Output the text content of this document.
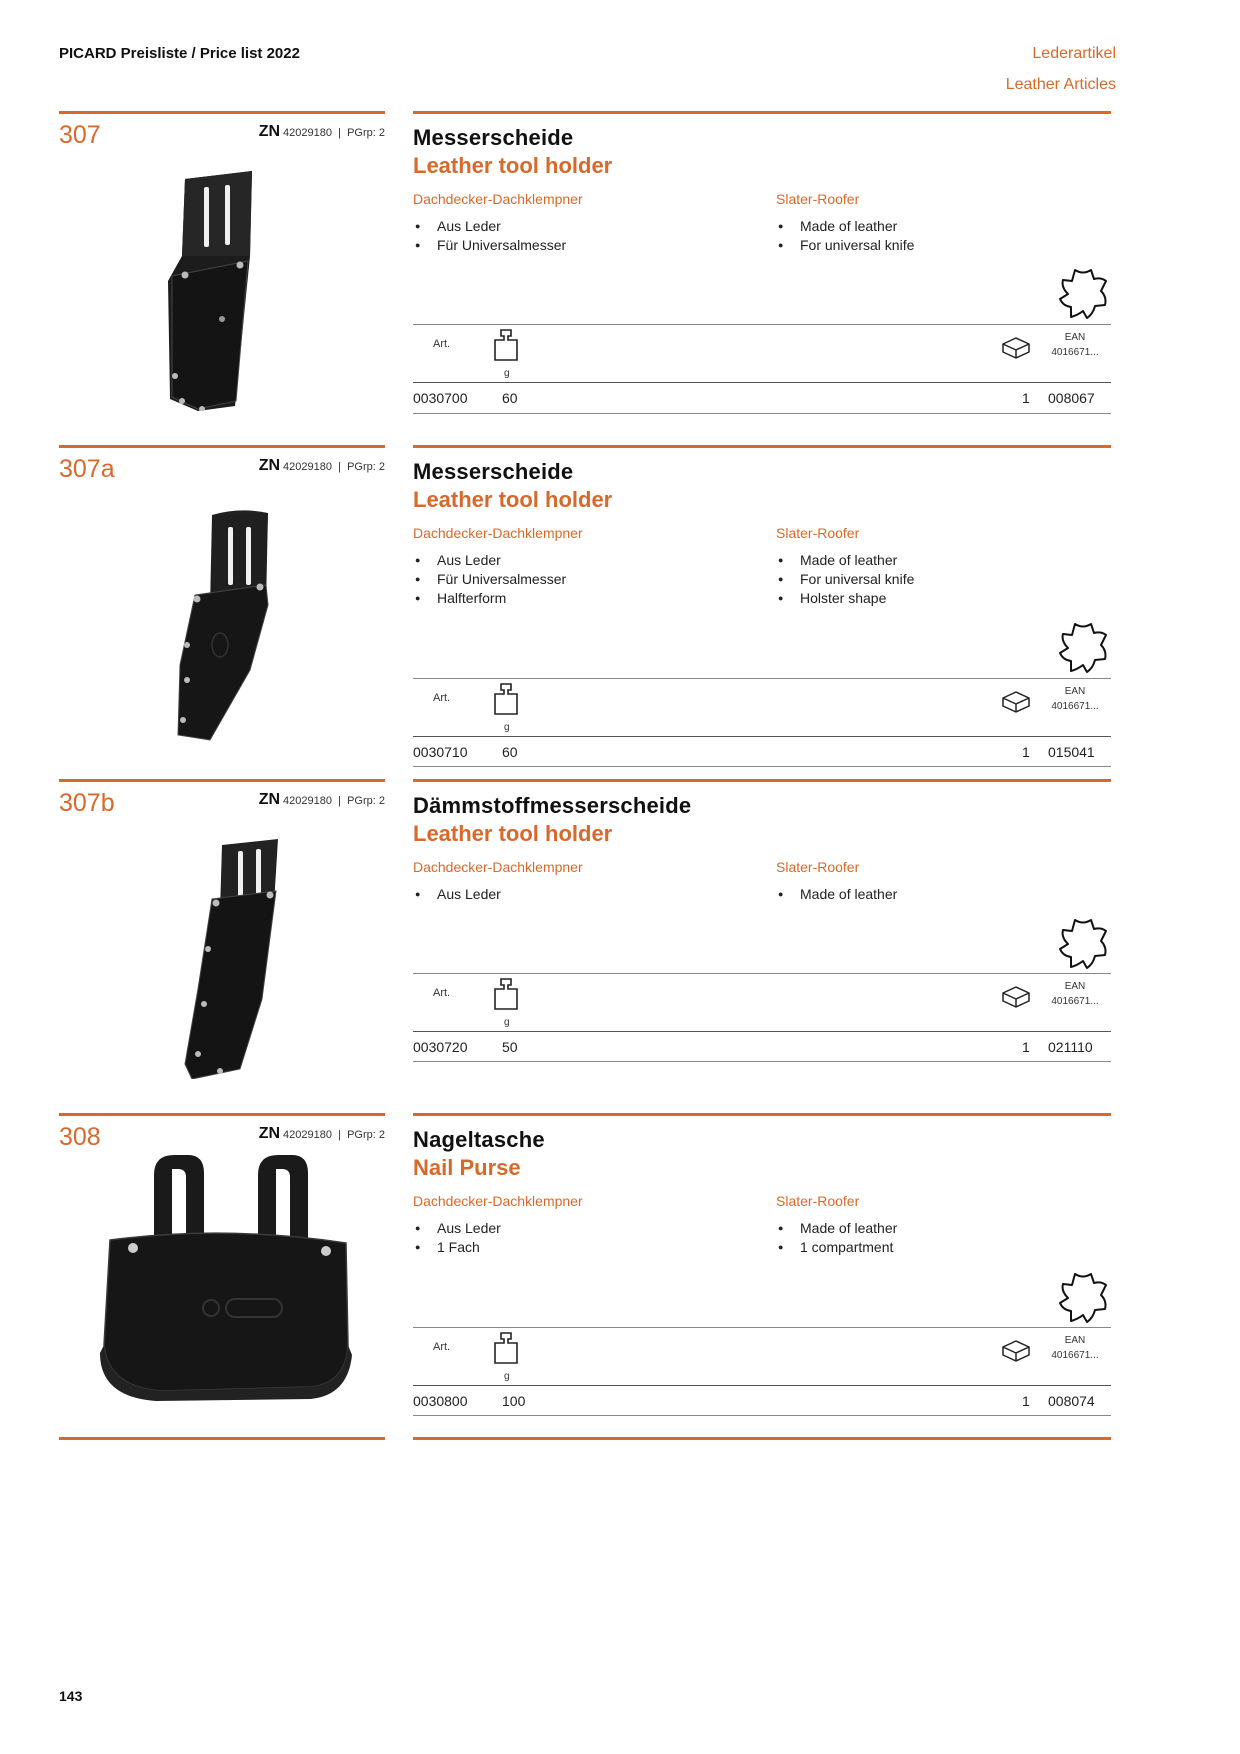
PICARD Preisliste / Price list 2022	Lederartikel
Leather Articles
307	ZN 42029180  |  PGrp: 2 Messerscheide
Leather tool holder
Dachdecker-Dachklempner	Slater-Roofer
● Aus Leder
● Für Universalmesser
● Made of leather
● For universal knife
Art.
g
EAN
4016671...
0030700 60	1 008067
307a	ZN 42029180  |  PGrp: 2 Messerscheide
Leather tool holder
Dachdecker-Dachklempner	Slater-Roofer
● Aus Leder
● Für Universalmesser
● Halfterform
● Made of leather
● For universal knife
● Holster shape
Art.
g
EAN
4016671...
0030710 60	1 015041
307b	ZN 42029180  |  PGrp: 2 Dämmstoffmesserscheide
Leather tool holder
Dachdecker-Dachklempner	Slater-Roofer
● Aus Leder
●	Made of leather
Art.
g
EAN
4016671...
0030720 50	1 021110
308	ZN 42029180  |  PGrp: 2 Nageltasche
Nail Purse
Dachdecker-Dachklempner	Slater-Roofer
● Aus Leder
● 1 Fach
● Made of leather
● 1 compartment
Art.
g
EAN
4016671...
0030800 100	1 008074
143
